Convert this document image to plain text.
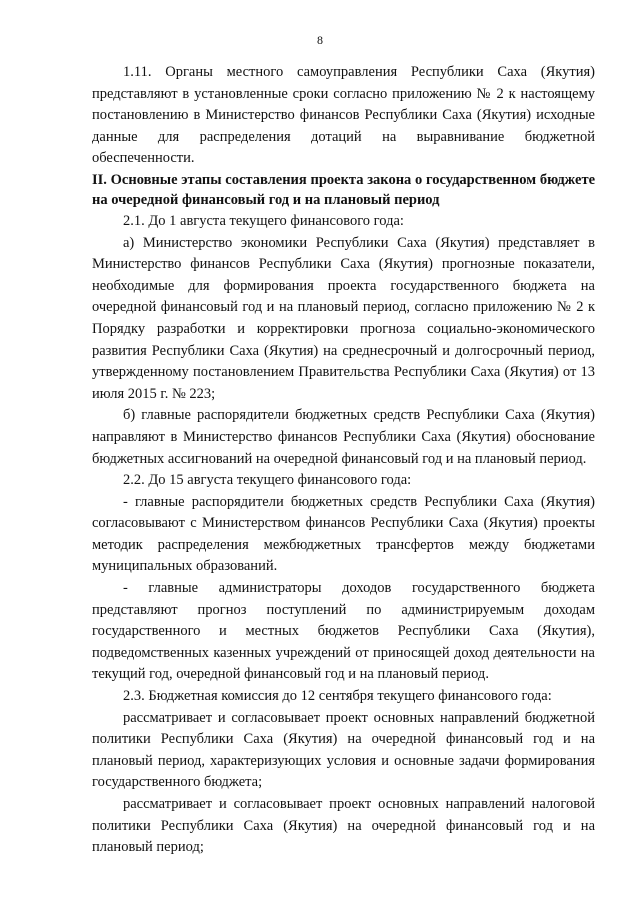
8

1.11. Органы местного самоуправления Республики Саха (Якутия) представляют в установленные сроки согласно приложению № 2 к настоящему постановлению в Министерство финансов Республики Саха (Якутия) исходные данные для распределения дотаций на выравнивание бюджетной обеспеченности.

II. Основные этапы составления проекта закона о государственном бюджете на очередной финансовый год и на плановый период

2.1. До 1 августа текущего финансового года:

а) Министерство экономики Республики Саха (Якутия) представляет в Министерство финансов Республики Саха (Якутия) прогнозные показатели, необходимые для формирования проекта государственного бюджета на очередной финансовый год и на плановый период, согласно приложению № 2 к Порядку разработки и корректировки прогноза социально-экономического развития Республики Саха (Якутия) на среднесрочный и долгосрочный период, утвержденному постановлением Правительства Республики Саха (Якутия) от 13 июля 2015 г. № 223;

б) главные распорядители бюджетных средств Республики Саха (Якутия) направляют в Министерство финансов Республики Саха (Якутия) обоснование бюджетных ассигнований на очередной финансовый год и на плановый период.

2.2. До 15 августа текущего финансового года:

- главные распорядители бюджетных средств Республики Саха (Якутия) согласовывают с Министерством финансов Республики Саха (Якутия) проекты методик распределения межбюджетных трансфертов между бюджетами муниципальных образований.

- главные администраторы доходов государственного бюджета представляют прогноз поступлений по администрируемым доходам государственного и местных бюджетов Республики Саха (Якутия), подведомственных казенных учреждений от приносящей доход деятельности на текущий год, очередной финансовый год и на плановый период.

2.3. Бюджетная комиссия до 12 сентября текущего финансового года:

рассматривает и согласовывает проект основных направлений бюджетной политики Республики Саха (Якутия) на очередной финансовый год и на плановый период, характеризующих условия и основные задачи формирования государственного бюджета;

рассматривает и согласовывает проект основных направлений налоговой политики Республики Саха (Якутия) на очередной финансовый год и на плановый период;
